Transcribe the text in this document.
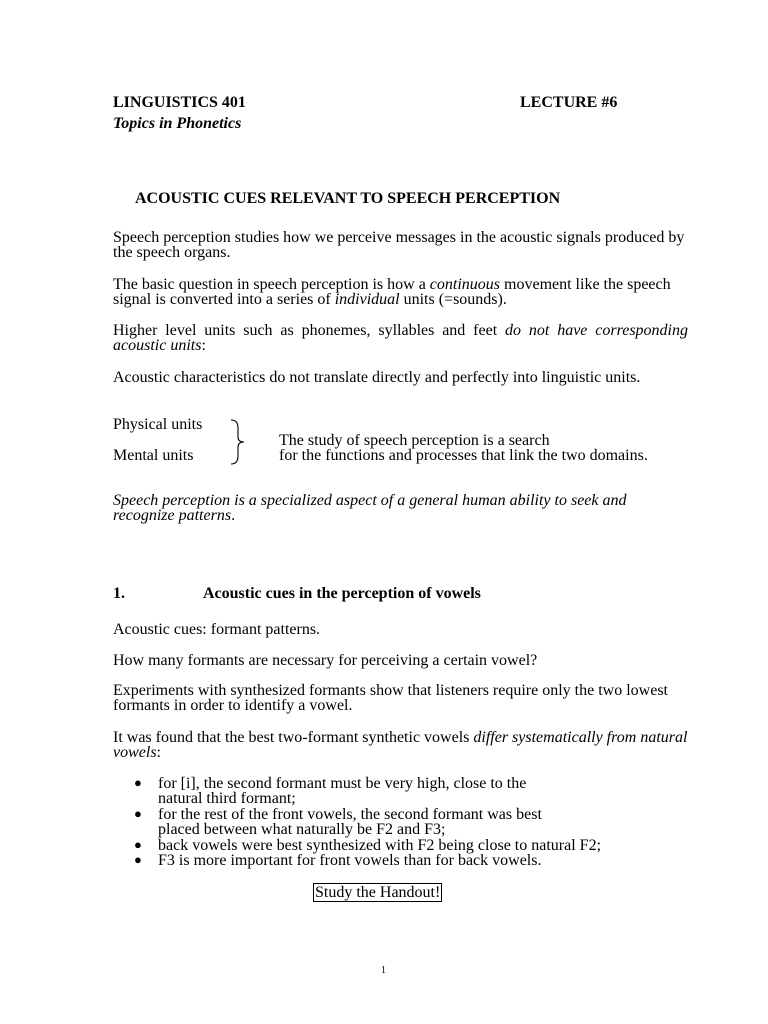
LINGUISTICS 401	LECTURE #6
Topics in Phonetics
ACOUSTIC CUES RELEVANT TO SPEECH PERCEPTION
Speech perception studies how we perceive messages in the acoustic signals produced by the speech organs.
The basic question in speech perception is how a continuous movement like the speech signal is converted into a series of individual units (=sounds).
Higher level units such as phonemes, syllables and feet do not have corresponding acoustic units:
Acoustic characteristics do not translate directly and perfectly into linguistic units.
Physical units
Mental units
The study of speech perception is a search
for the functions and processes that link the two domains.
Speech perception is a specialized aspect of a general human ability to seek and recognize patterns.
1.	Acoustic cues in the perception of vowels
Acoustic cues: formant patterns.
How many formants are necessary for perceiving a certain vowel?
Experiments with synthesized formants show that listeners require only the two lowest formants in order to identify a vowel.
It was found that the best two-formant synthetic vowels differ systematically from natural vowels:
● for [i], the second formant must be very high, close to the
natural third formant;
● for the rest of the front vowels, the second formant was best
placed between what naturally be F2 and F3;
● back vowels were best synthesized with F2 being close to natural F2;
● F3 is more important for front vowels than for back vowels.
Study the Handout!
1
